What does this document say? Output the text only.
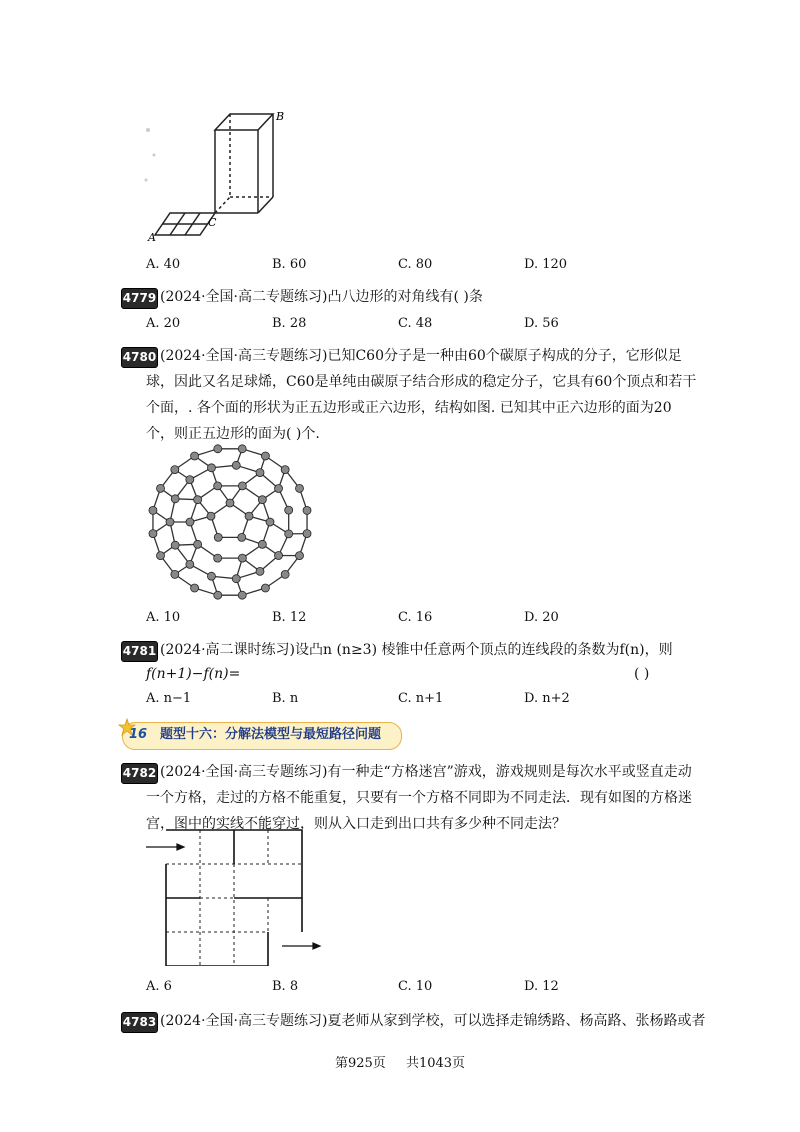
A
B
C
A. 40	B. 60	C. 80	D. 120
4779 (2024·全国·高二专题练习)凸八边形的对角线有( )条
A. 20	B. 28	C. 48	D. 56
4780 (2024·全国·高三专题练习)已知C60分子是一种由60个碳原子构成的分子，它形似足
球，因此又名足球烯，C60是单纯由碳原子结合形成的稳定分子，它具有60个顶点和若干
个面，. 各个面的形状为正五边形或正六边形，结构如图. 已知其中正六边形的面为20
个，则正五边形的面为( )个.
A. 10	B. 12	C. 16	D. 20
4781 (2024·高二课时练习)设凸n (n≥3) 棱锥中任意两个顶点的连线段的条数为f(n)，则
f(n+1)−f(n)=	( )
A. n−1	B. n	C. n+1	D. n+2
16 题型十六：分解法模型与最短路径问题
4782 (2024·全国·高三专题练习)有一种走“方格迷宫”游戏，游戏规则是每次水平或竖直走动
一个方格，走过的方格不能重复，只要有一个方格不同即为不同走法．现有如图的方格迷
宫，图中的实线不能穿过，则从入口走到出口共有多少种不同走法？
A. 6	B. 8	C. 10	D. 12
4783 (2024·全国·高三专题练习)夏老师从家到学校，可以选择走锦绣路、杨高路、张杨路或者
第925页 共1043页
